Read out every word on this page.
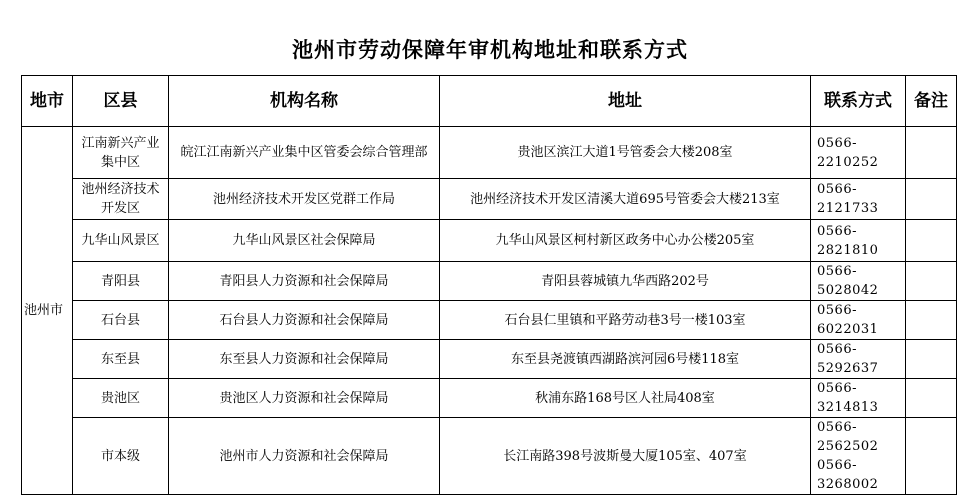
池州市劳动保障年审机构地址和联系方式
地市	区县	机构名称	地址	联系方式	备注
池州市	江南新兴产业集中区	皖江江南新兴产业集中区管委会综合管理部	贵池区滨江大道1号管委会大楼208室	0566-2210252	

	池州经济技术开发区	池州经济技术开发区党群工作局	池州经济技术开发区清溪大道695号管委会大楼213室	0566-2121733	

	九华山风景区	九华山风景区社会保障局	九华山风景区柯村新区政务中心办公楼205室	0566-2821810	

	青阳县	青阳县人力资源和社会保障局	青阳县蓉城镇九华西路202号	0566-5028042	

	石台县	石台县人力资源和社会保障局	石台县仁里镇和平路劳动巷3号一楼103室	0566-6022031	

	东至县	东至县人力资源和社会保障局	东至县尧渡镇西湖路滨河园6号楼118室	0566-5292637	

	贵池区	贵池区人力资源和社会保障局	秋浦东路168号区人社局408室	0566-3214813	

	市本级	池州市人力资源和社会保障局	长江南路398号波斯曼大厦105室、407室	0566-2562502
0566-3268002	
